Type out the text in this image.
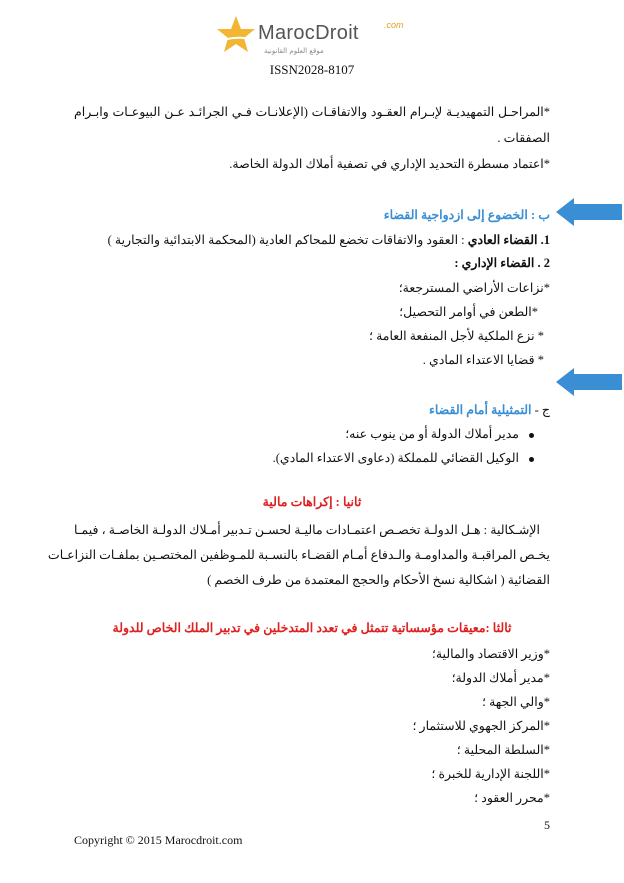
MarocDroit	.com
موقع العلوم القانونية
ISSN2028-8107
*المراحـل التمهيديـة لإبـرام العقـود والاتفاقـات (الإعلانـات فـي الجرائـد عـن البيوعـات وابـرام
الصفقات .
*اعتماد مسطرة التحديد الإداري في تصفية أملاك الدولة الخاصة.
ب : الخضوع إلى ازدواجية القضاء
1. القضاء العادي : العقود والاتفاقات تخضع للمحاكم العادية (المحكمة الابتدائية والتجارية )
2 . القضاء الإداري :
*نزاعات الأراضي المسترجعة؛
*الطعن في أوامر التحصيل؛
* نزع الملكية لأجل المنفعة العامة ؛
* قضايا الاعتداء المادي .
ج - التمثيلية أمام القضاء
مدير أملاك الدولة أو من ينوب عنه؛
الوكيل القضائي للمملكة (دعاوى الاعتداء المادي).
ثانيا : إكراهات مالية
الإشـكالية : هـل الدولـة تخصـص اعتمـادات ماليـة لحسـن تـدبير أمـلاك الدولـة الخاصـة ، فيمـا
يخـص المراقبـة والمداومـة والـدفاع أمـام القضـاء بالنسـبة للمـوظفين المختصـين بملفـات النزاعـات
القضائية ( اشكالية نسخ الأحكام والحجج المعتمدة من طرف الخصم )
ثالثا :معيقات مؤسساتية تتمثل في تعدد المتدخلين في تدبير الملك الخاص للدولة
*وزير الاقتصاد والمالية؛
*مدير أملاك الدولة؛
*والي الجهة ؛
*المركز الجهوي للاستثمار ؛
*السلطة المحلية ؛
*اللجنة الإدارية للخبرة ؛
*محرر العقود ؛
5
Copyright © 2015 Marocdroit.com
